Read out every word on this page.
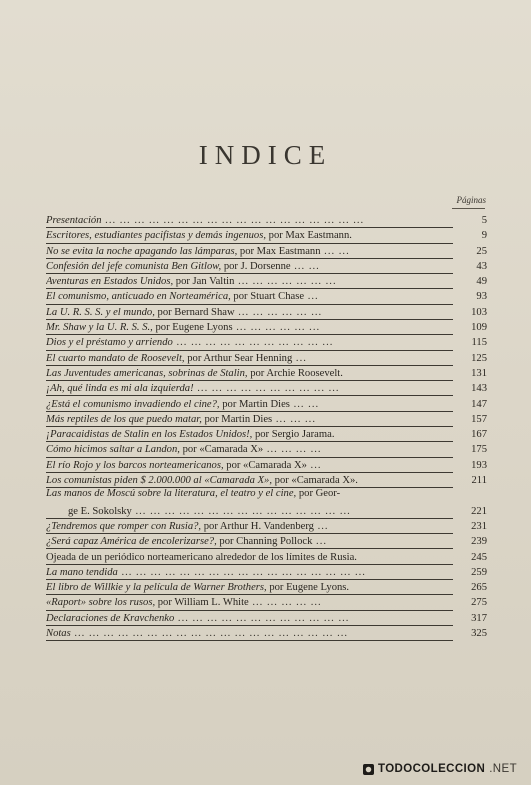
INDICE
Páginas
Presentación ... ... ... ... ... ... ... ... ... ... ... ... ... ... ... ... ... ...	5
Escritores, estudiantes pacifistas y demás ingenuos, por Max Eastmann.	9
No se evita la noche apagando las lámparas, por Max Eastmann ... ...	25
Confesión del jefe comunista Ben Gitlow, por J. Dorsenne ... ...	43
Aventuras en Estados Unidos, por Jan Valtin ... ... ... ... ... ... ...	49
El comunismo, anticuado en Norteamérica, por Stuart Chase ...	93
La U. R. S. S. y el mundo, por Bernard Shaw ... ... ... ... ... ...	103
Mr. Shaw y la U. R. S. S., por Eugene Lyons ... ... ... ... ... ...	109
Dios y el préstamo y arriendo ... ... ... ... ... ... ... ... ... ... ...	115
El cuarto mandato de Roosevelt, por Arthur Sear Henning ...	125
Las Juventudes americanas, sobrinas de Stalin, por Archie Roosevelt.	131
¡Ah, qué linda es mi ala izquierda! ... ... ... ... ... ... ... ... ... ...	143
¿Está el comunismo invadiendo el cine?, por Martin Dies ... ...	147
Más reptiles de los que puedo matar, por Martin Dies ... ... ...	157
¡Paracaidistas de Stalin en los Estados Unidos!, por Sergio Jarama.	167
Cómo hicimos saltar a Landon, por «Camarada X» ... ... ... ...	175
El río Rojo y los barcos norteamericanos, por «Camarada X» ...	193
Los comunistas piden $ 2.000.000 al «Camarada X», por «Camarada X».	211
Las manos de Moscú sobre la literatura, el teatro y el cine, por Geor-
ge E. Sokolsky ... ... ... ... ... ... ... ... ... ... ... ... ... ... ...	221
¿Tendremos que romper con Rusia?, por Arthur H. Vandenberg ...	231
¿Será capaz América de encolerizarse?, por Channing Pollock ...	239
Ojeada de un periódico norteamericano alrededor de los límites de Rusia.	245
La mano tendida ... ... ... ... ... ... ... ... ... ... ... ... ... ... ... ... ...	259
El libro de Willkie y la película de Warner Brothers, por Eugene Lyons.	265
«Raport» sobre los rusos, por William L. White ... ... ... ... ...	275
Declaraciones de Kravchenko ... ... ... ... ... ... ... ... ... ... ... ...	317
Notas ... ... ... ... ... ... ... ... ... ... ... ... ... ... ... ... ... ... ...	325
TODOCOLECCION .NET
